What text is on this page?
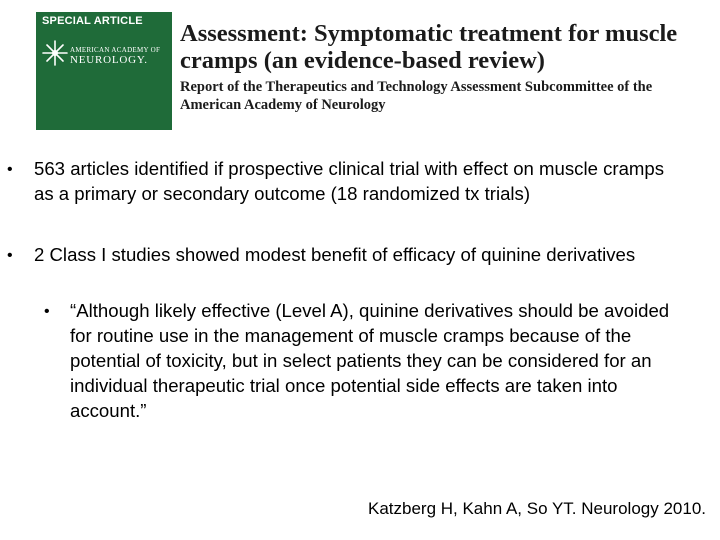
SPECIAL ARTICLE
AMERICAN ACADEMY OF
NEUROLOGY.
Assessment: Symptomatic treatment for muscle cramps (an evidence-based review)
Report of the Therapeutics and Technology Assessment Subcommittee of the American Academy of Neurology
• 563 articles identified if prospective clinical trial with effect on muscle cramps as a primary or secondary outcome (18 randomized tx trials)
• 2 Class I studies showed modest benefit of efficacy of quinine derivatives
• “Although likely effective (Level A), quinine derivatives should be avoided for routine use in the management of muscle cramps because of the potential of toxicity, but in select patients they can be considered for an individual therapeutic trial once potential side effects are taken into account.”
Katzberg H, Kahn A, So YT. Neurology 2010.
